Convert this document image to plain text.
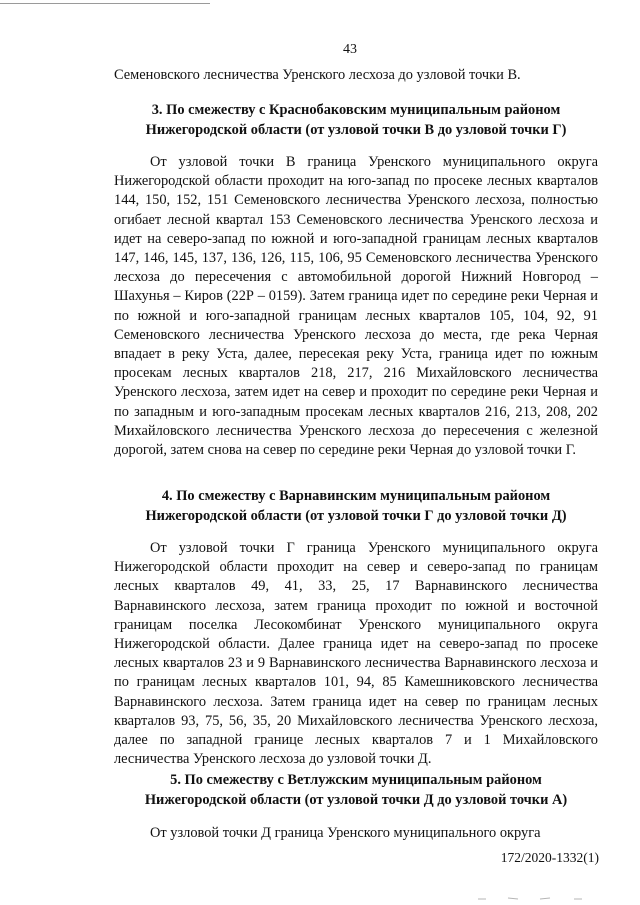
43
Семеновского лесничества Уренского лесхоза до узловой точки В.
3. По смежеству с Краснобаковским муниципальным районом
Нижегородской области (от узловой точки В до узловой точки Г)
От узловой точки В граница Уренского муниципального округа Нижегородской области проходит на юго-запад по просеке лесных кварталов 144, 150, 152, 151 Семеновского лесничества Уренского лесхоза, полностью огибает лесной квартал 153 Семеновского лесничества Уренского лесхоза и идет на северо-запад по южной и юго-западной границам лесных кварталов 147, 146, 145, 137, 136, 126, 115, 106, 95 Семеновского лесничества Уренского лесхоза до пересечения с автомобильной дорогой Нижний Новгород – Шахунья – Киров (22Р – 0159). Затем граница идет по середине реки Черная и по южной и юго-западной границам лесных кварталов 105, 104, 92, 91 Семеновского лесничества Уренского лесхоза до места, где река Черная впадает в реку Уста, далее, пересекая реку Уста, граница идет по южным просекам лесных кварталов 218, 217, 216 Михайловского лесничества Уренского лесхоза, затем идет на север и проходит по середине реки Черная и по западным и юго-западным просекам лесных кварталов 216, 213, 208, 202 Михайловского лесничества Уренского лесхоза до пересечения с железной дорогой, затем снова на север по середине реки Черная до узловой точки Г.
4. По смежеству с Варнавинским муниципальным районом
Нижегородской области (от узловой точки Г до узловой точки Д)
От узловой точки Г граница Уренского муниципального округа Нижегородской области проходит на север и северо-запад по границам лесных кварталов 49, 41, 33, 25, 17 Варнавинского лесничества Варнавинского лесхоза, затем граница проходит по южной и восточной границам поселка Лесокомбинат Уренского муниципального округа Нижегородской области. Далее граница идет на северо-запад по просеке лесных кварталов 23 и 9 Варнавинского лесничества Варнавинского лесхоза и по границам лесных кварталов 101, 94, 85 Камешниковского лесничества Варнавинского лесхоза. Затем граница идет на север по границам лесных кварталов 93, 75, 56, 35, 20 Михайловского лесничества Уренского лесхоза, далее по западной границе лесных кварталов 7 и 1 Михайловского лесничества Уренского лесхоза до узловой точки Д.
5. По смежеству с Ветлужским муниципальным районом
Нижегородской области (от узловой точки Д до узловой точки А)
От узловой точки Д граница Уренского муниципального округа
172/2020-1332(1)
